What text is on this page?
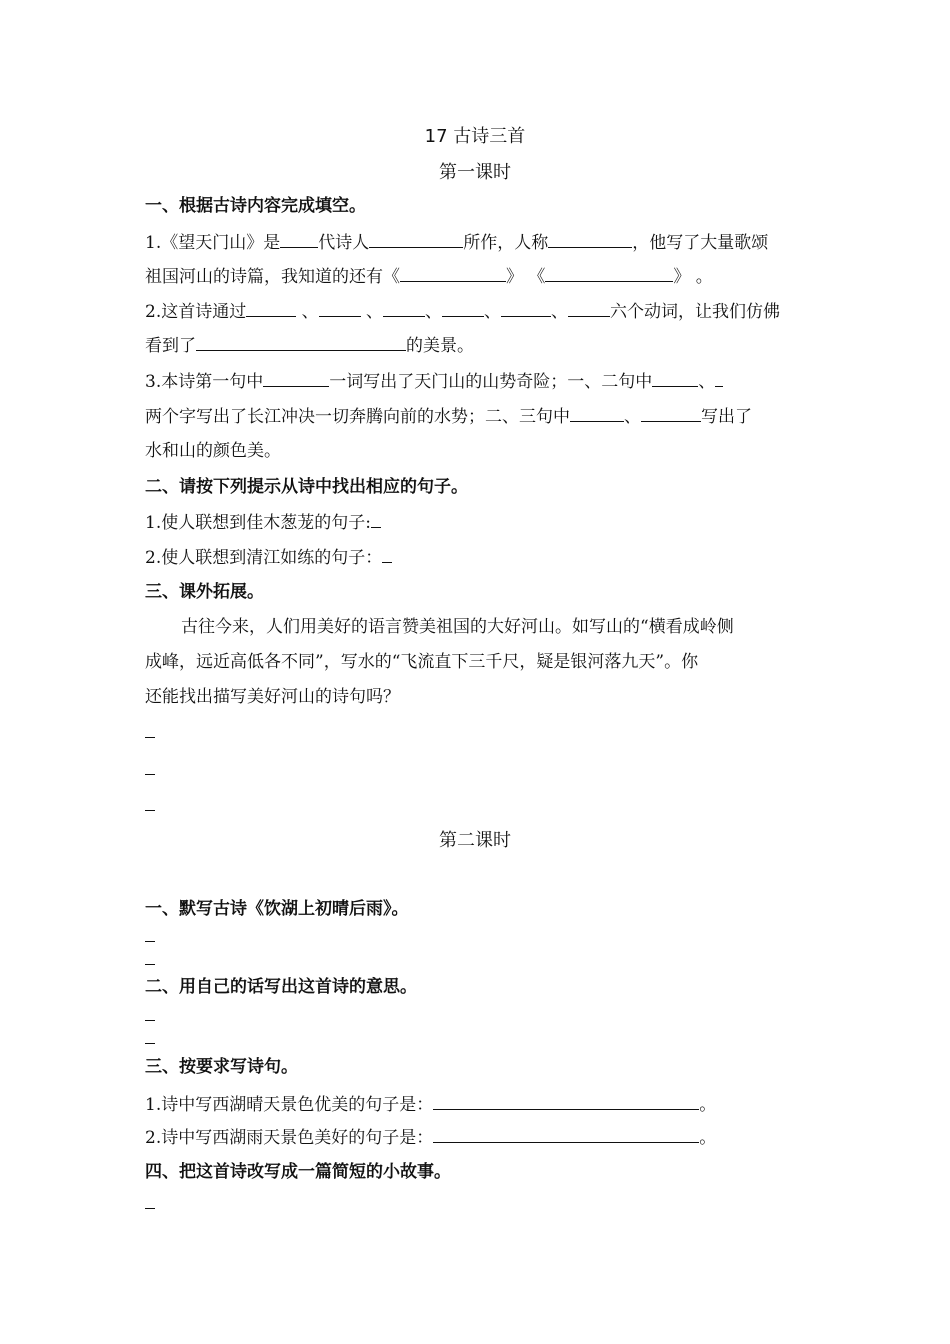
17 古诗三首
第一课时
一、根据古诗内容完成填空。
1.《望天门山》是 代诗人	所作，人称	，他写了大量歌颂
祖国河山的诗篇，我知道的还有《	》 《	》 。
2.这首诗通过	、 、 、 、	、 六个动词，让我们仿佛
看到了	的美景。
3.本诗第一句中	一词写出了天门山的山势奇险；一、二句中	、
两个字写出了长江冲决一切奔腾向前的水势；二、三句中	、	写出了
水和山的颜色美。
二、请按下列提示从诗中找出相应的句子。
1.使人联想到佳木葱茏的句子:
2.使人联想到清江如练的句子：
三、课外拓展。
古往今来，人们用美好的语言赞美祖国的大好河山。如写山的“横看成岭侧
成峰，远近高低各不同”，写水的“飞流直下三千尺，疑是银河落九天”。你
还能找出描写美好河山的诗句吗？
第二课时
一、默写古诗《饮湖上初晴后雨》。
二、用自己的话写出这首诗的意思。
三、按要求写诗句。
1.诗中写西湖晴天景色优美的句子是：	。
2.诗中写西湖雨天景色美好的句子是：	。
四、把这首诗改写成一篇简短的小故事。
